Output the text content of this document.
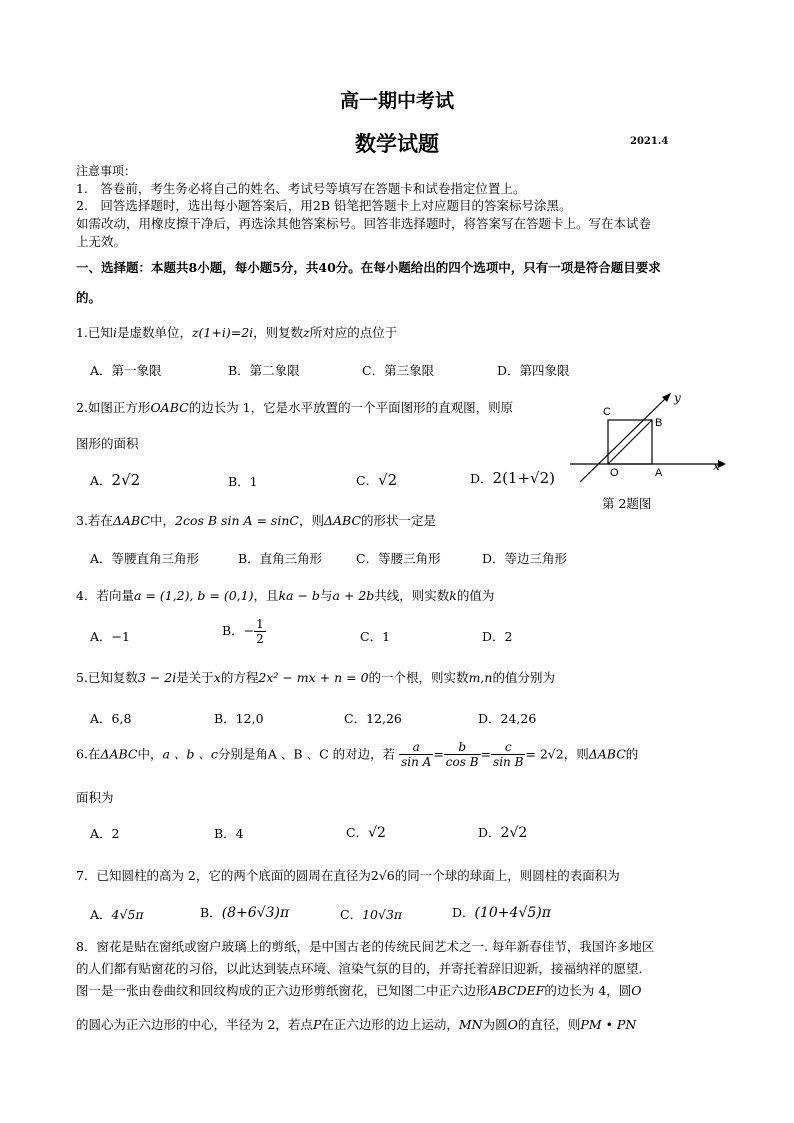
高一期中考试
数学试题	2021.4
注意事项：
1.　答卷前，考生务必将自己的姓名、考试号等填写在答题卡和试卷指定位置上。
2.　回答选择题时，选出每小题答案后，用2B 铅笔把答题卡上对应题目的答案标号涂黑。
如需改动，用橡皮擦干净后，再选涂其他答案标号。回答非选择题时，将答案写在答题卡上。写在本试卷
上无效。
一、选择题：本题共8小题，每小题5分，共40分。在每小题给出的四个选项中，只有一项是符合题目要求
的。
1.已知i是虚数单位，z(1+i)=2i，则复数z所对应的点位于
A．第一象限	B．第二象限	C．第三象限	D．第四象限
2.如图正方形OABC的边长为 1，它是水平放置的一个平面图形的直观图，则原
图形的面积
A．2√2	B．1	C．√2	D．2(1+√2)
C
B
O	A	x
y
第 2题图
3.若在ΔABC中，2cos B sin A = sinC，则ΔABC的形状一定是
A．等腰直角三角形	B．直角三角形	C．等腰三角形	D．等边三角形
4．若向量a = (1,2), b = (0,1)，且ka − b与a + 2b共线，则实数k的值为
A．−1	B．− $\frac{1}{2}$	C．1	D．2
5.已知复数3 − 2i是关于x的方程2x² − mx + n = 0的一个根，则实数m,n的值分别为
A．6,8	B．12,0	C．12,26	D．24,26
6.在ΔABC中，a 、b 、c分别是角A 、B 、C 的对边，若 $\frac{a}{\text{sin A}} = \frac{b}{\text{cos B}} = \frac{c}{\text{sin B}} = 2√2$，则ΔABC的
面积为
A．2	B．4	C．√2	D．2√2
7．已知圆柱的高为 2，它的两个底面的圆周在直径为2√6的同一个球的球面上，则圆柱的表面积为
A．4√5π	B．(8+6√3)π	C．10√3π	D．(10+4√5)π
8．窗花是贴在窗纸或窗户玻璃上的剪纸，是中国古老的传统民间艺术之一. 每年新春佳节，我国许多地区
的人们都有贴窗花的习俗，以此达到装点环境、渲染气氛的目的，并寄托着辞旧迎新，接福纳祥的愿望.
图一是一张由卷曲纹和回纹构成的正六边形剪纸窗花，已知图二中正六边形ABCDEF的边长为 4，圆O
的圆心为正六边形的中心，半径为 2，若点P在正六边形的边上运动，MN为圆O的直径，则PM • PN
